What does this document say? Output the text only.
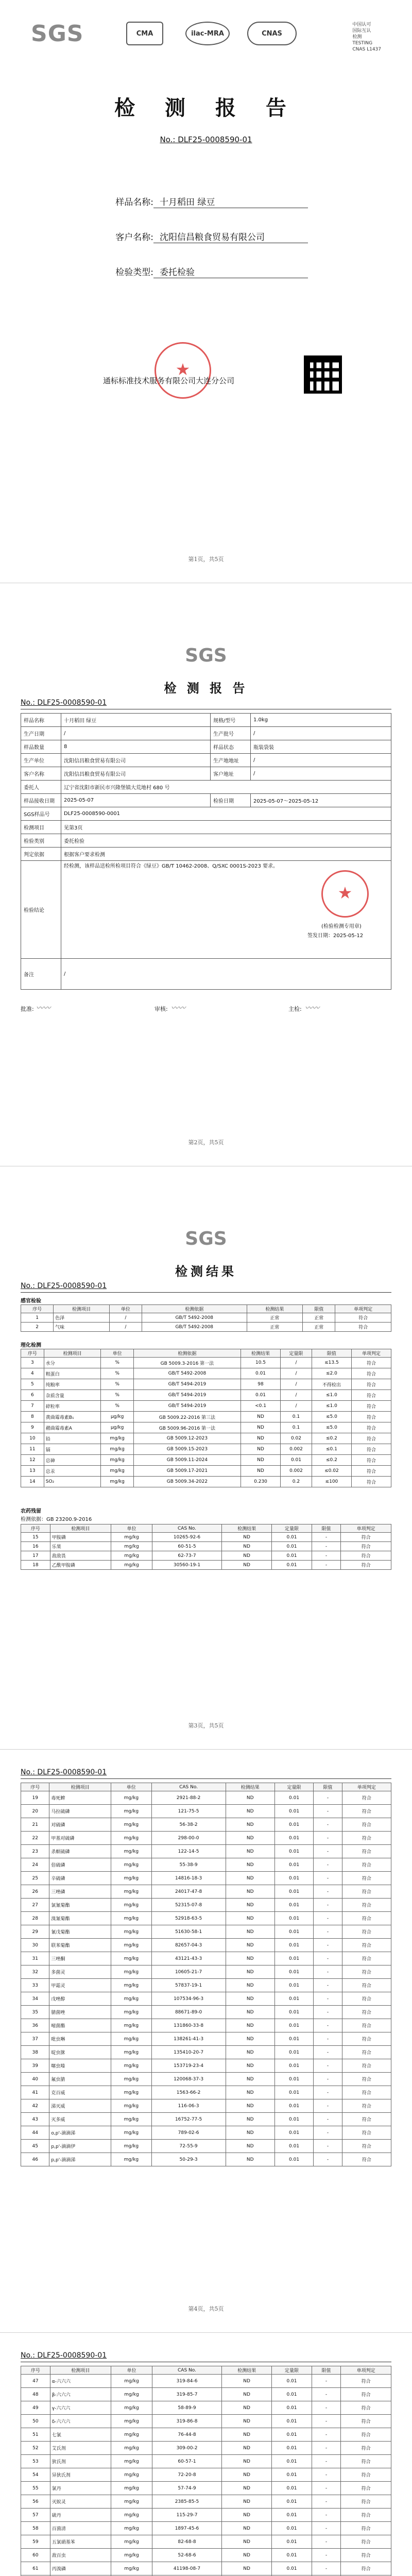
SGS	CMA	ilac-MRA	CNAS
中国认可
国际互认
检测
TESTING
CNAS L1437
检 测 报 告
No.: DLF25-0008590-01
样品名称: 十月稻田 绿豆
客户名称: 沈阳信昌粮食贸易有限公司
检验类型: 委托检验
★
通标标准技术服务有限公司大连分公司
第1页，共5页
SGS
检 测 报 告
No.: DLF25-0008590-01
样品名称	十月稻田 绿豆	规格/型号	1.0kg
生产日期	/	生产批号	/
样品数量	8	样品状态	瓶装袋装
生产单位	沈阳信昌粮食贸易有限公司	生产地地址	/
客户名称	沈阳信昌粮食贸易有限公司	客户地址	/
委托人	辽宁省沈阳市新民市兴隆堡镇大荒地村 680 号		
样品接收日期	2025-05-07	检验日期	2025-05-07～2025-05-12
SGS样品号	DLF25-0008590-0001		
检测项目	见第3页		
检验类别	委托检验		
判定依据	根据客户要求检测		
检验结论	经检测，该样品送检所检项目符合《绿豆》GB/T 10462-2008、Q/SXC 0001S-2023 要求。
★
(检验检测专用章)
签发日期：2025-05-12		

备注	/		
批准: 〰〰	审核: 〰〰	主检: 〰〰
第2页，共5页
SGS
检测结果
No.: DLF25-0008590-01
感官检验
序号	检测项目	单位	检测依据	检测结果	限值	单项判定
1	色泽	/	GB/T 5492-2008	正常	正常	符合
2	气味	/	GB/T 5492-2008	正常	正常	符合
理化检测
序号	检测项目	单位	检测依据	检测结果	定量限	限值	单项判定
3	水分	%	GB 5009.3-2016 第一法	10.5	/	≤13.5	符合
4	粗蛋白	%	GB/T 5492-2008	0.01	/	≤2.0	符合
5	纯粮率	%	GB/T 5494-2019	98	/	不得检出	符合
6	杂质含量	%	GB/T 5494-2019	0.01	/	≤1.0	符合
7	碎粒率	%	GB/T 5494-2019	<0.1	/	≤1.0	符合
8	黄曲霉毒素B₁	μg/kg	GB 5009.22-2016 第三法	ND	0.1	≤5.0	符合
9	赭曲霉毒素A	μg/kg	GB 5009.96-2016 第一法	ND	0.1	≤5.0	符合
10	铅	mg/kg	GB 5009.12-2023	ND	0.02	≤0.2	符合
11	镉	mg/kg	GB 5009.15-2023	ND	0.002	≤0.1	符合
12	总砷	mg/kg	GB 5009.11-2024	ND	0.01	≤0.2	符合
13	总汞	mg/kg	GB 5009.17-2021	ND	0.002	≤0.02	符合
14	SO₂	mg/kg	GB 5009.34-2022	0.230	0.2	≤100	符合
农药残留
检测依据：GB 23200.9-2016
序号	检测项目	单位	CAS No.	检测结果	定量限	限值	单项判定
15	甲胺磷	mg/kg	10265-92-6	ND	0.01	-	符合
16	乐果	mg/kg	60-51-5	ND	0.01	-	符合
17	敌敌畏	mg/kg	62-73-7	ND	0.01	-	符合
18	乙酰甲胺磷	mg/kg	30560-19-1	ND	0.01	-	符合
第3页，共5页
No.: DLF25-0008590-01
序号	检测项目	单位	CAS No.	检测结果	定量限	限值	单项判定
19	毒死蜱	mg/kg	2921-88-2	ND	0.01	-	符合
20	马拉硫磷	mg/kg	121-75-5	ND	0.01	-	符合
21	对硫磷	mg/kg	56-38-2	ND	0.01	-	符合
22	甲基对硫磷	mg/kg	298-00-0	ND	0.01	-	符合
23	杀螟硫磷	mg/kg	122-14-5	ND	0.01	-	符合
24	倍硫磷	mg/kg	55-38-9	ND	0.01	-	符合
25	辛硫磷	mg/kg	14816-18-3	ND	0.01	-	符合
26	三唑磷	mg/kg	24017-47-8	ND	0.01	-	符合
27	氯氰菊酯	mg/kg	52315-07-8	ND	0.01	-	符合
28	溴氰菊酯	mg/kg	52918-63-5	ND	0.01	-	符合
29	氰戊菊酯	mg/kg	51630-58-1	ND	0.01	-	符合
30	联苯菊酯	mg/kg	82657-04-3	ND	0.01	-	符合
31	三唑酮	mg/kg	43121-43-3	ND	0.01	-	符合
32	多菌灵	mg/kg	10605-21-7	ND	0.01	-	符合
33	甲霜灵	mg/kg	57837-19-1	ND	0.01	-	符合
34	戊唑醇	mg/kg	107534-96-3	ND	0.01	-	符合
35	腈菌唑	mg/kg	88671-89-0	ND	0.01	-	符合
36	嘧菌酯	mg/kg	131860-33-8	ND	0.01	-	符合
37	吡虫啉	mg/kg	138261-41-3	ND	0.01	-	符合
38	啶虫脒	mg/kg	135410-20-7	ND	0.01	-	符合
39	噻虫嗪	mg/kg	153719-23-4	ND	0.01	-	符合
40	氟虫腈	mg/kg	120068-37-3	ND	0.01	-	符合
41	克百威	mg/kg	1563-66-2	ND	0.01	-	符合
42	涕灭威	mg/kg	116-06-3	ND	0.01	-	符合
43	灭多威	mg/kg	16752-77-5	ND	0.01	-	符合
44	o,p'-滴滴涕	mg/kg	789-02-6	ND	0.01	-	符合
45	p,p'-滴滴伊	mg/kg	72-55-9	ND	0.01	-	符合
46	p,p'-滴滴涕	mg/kg	50-29-3	ND	0.01	-	符合
第4页，共5页
No.: DLF25-0008590-01
序号	检测项目	单位	CAS No.	检测结果	定量限	限值	单项判定
47	α-六六六	mg/kg	319-84-6	ND	0.01	-	符合
48	β-六六六	mg/kg	319-85-7	ND	0.01	-	符合
49	γ-六六六	mg/kg	58-89-9	ND	0.01	-	符合
50	δ-六六六	mg/kg	319-86-8	ND	0.01	-	符合
51	七氯	mg/kg	76-44-8	ND	0.01	-	符合
52	艾氏剂	mg/kg	309-00-2	ND	0.01	-	符合
53	狄氏剂	mg/kg	60-57-1	ND	0.01	-	符合
54	异狄氏剂	mg/kg	72-20-8	ND	0.01	-	符合
55	氯丹	mg/kg	57-74-9	ND	0.01	-	符合
56	灭蚁灵	mg/kg	2385-85-5	ND	0.01	-	符合
57	硫丹	mg/kg	115-29-7	ND	0.01	-	符合
58	百菌清	mg/kg	1897-45-6	ND	0.01	-	符合
59	五氯硝基苯	mg/kg	82-68-8	ND	0.01	-	符合
60	敌百虫	mg/kg	52-68-6	ND	0.01	-	符合
61	丙溴磷	mg/kg	41198-08-7	ND	0.01	-	符合
